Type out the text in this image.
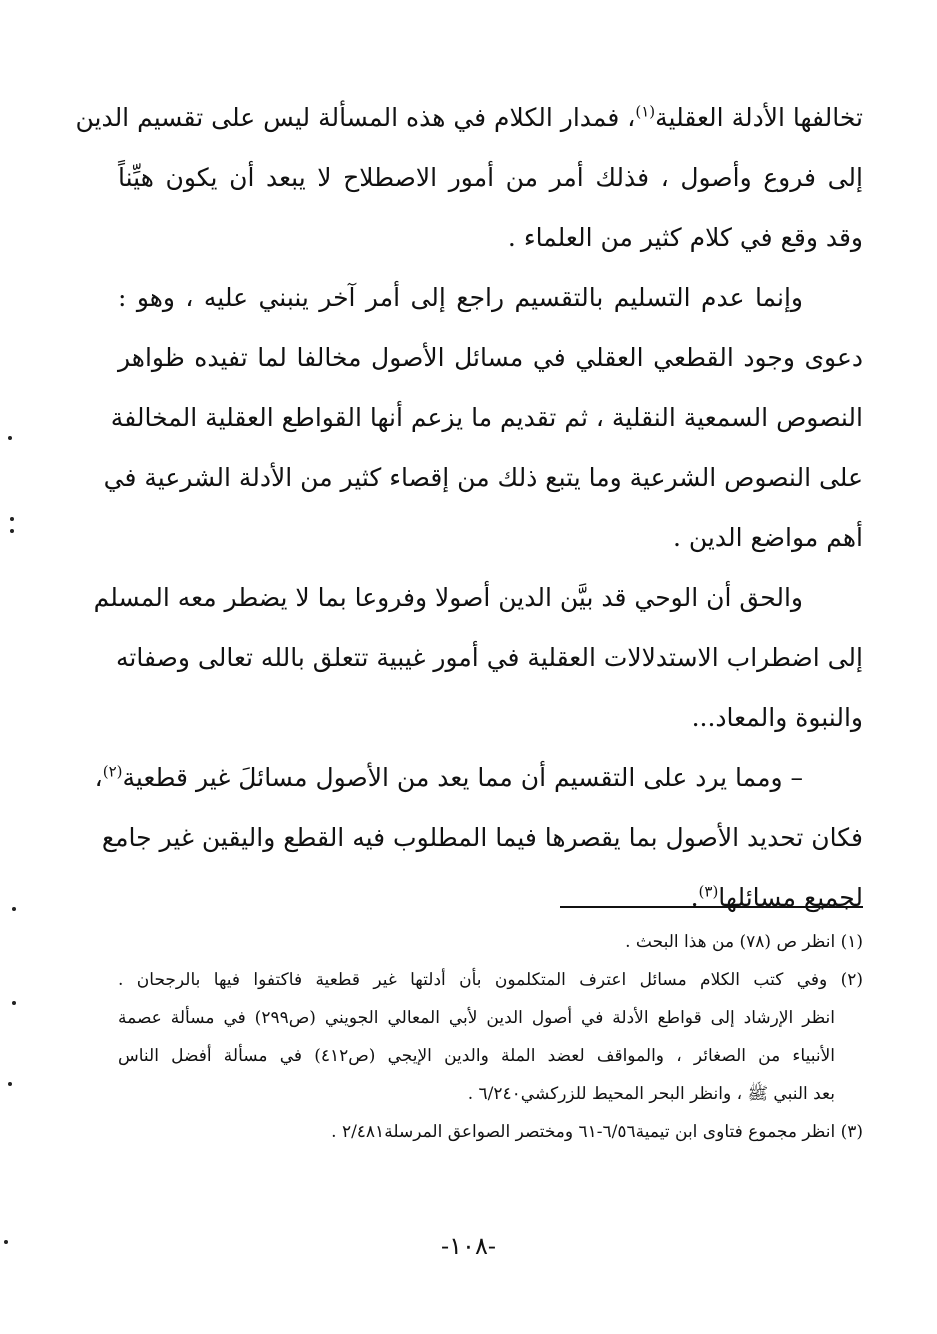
تخالفها الأدلة العقلية$^{(١)}$، فمدار الكلام في هذه المسألة ليس على تقسيم الدين
إلى فروع وأصول ، فذلك أمر من أمور الاصطلاح لا يبعد أن يكون هيِّناً
وقد وقع في كلام كثير من العلماء .
وإنما عدم التسليم بالتقسيم راجع إلى أمر آخر ينبني عليه ، وهو :
دعوى وجود القطعي العقلي في مسائل الأصول مخالفا لما تفيده ظواهر
النصوص السمعية النقلية ، ثم تقديم ما يزعم أنها القواطع العقلية المخالفة
على النصوص الشرعية وما يتبع ذلك من إقصاء كثير من الأدلة الشرعية في
أهم مواضع الدين .
والحق أن الوحي قد بيَّن الدين أصولا وفروعا بما لا يضطر معه المسلم
إلى اضطراب الاستدلالات العقلية في أمور غيبية تتعلق بالله تعالى وصفاته
والنبوة والمعاد...
– ومما يرد على التقسيم أن مما يعد من الأصول مسائلَ غير قطعية$^{(٢)}$،
فكان تحديد الأصول بما يقصرها فيما المطلوب فيه القطع واليقين غير جامع
لجميع مسائلها$^{(٣)}$.
(١) انظر ص (٧٨) من هذا البحث .
(٢) وفي كتب الكلام مسائل اعترف المتكلمون بأن أدلتها غير قطعية فاكتفوا فيها بالرجحان .
انظر الإرشاد إلى قواطع الأدلة في أصول الدين لأبي المعالي الجويني (ص٢٩٩) في مسألة عصمة
الأنبياء من الصغائر ، والمواقف لعضد الملة والدين الإيجي (ص٤١٢) في مسألة أفضل الناس
بعد النبي ﷺ ، وانظر البحر المحيط للزركشي٦/٢٤٠ .
(٣) انظر مجموع فتاوى ابن تيمية٦/٥٦-٦١ ومختصر الصواعق المرسلة٢/٤٨١ .
-١٠٨-
